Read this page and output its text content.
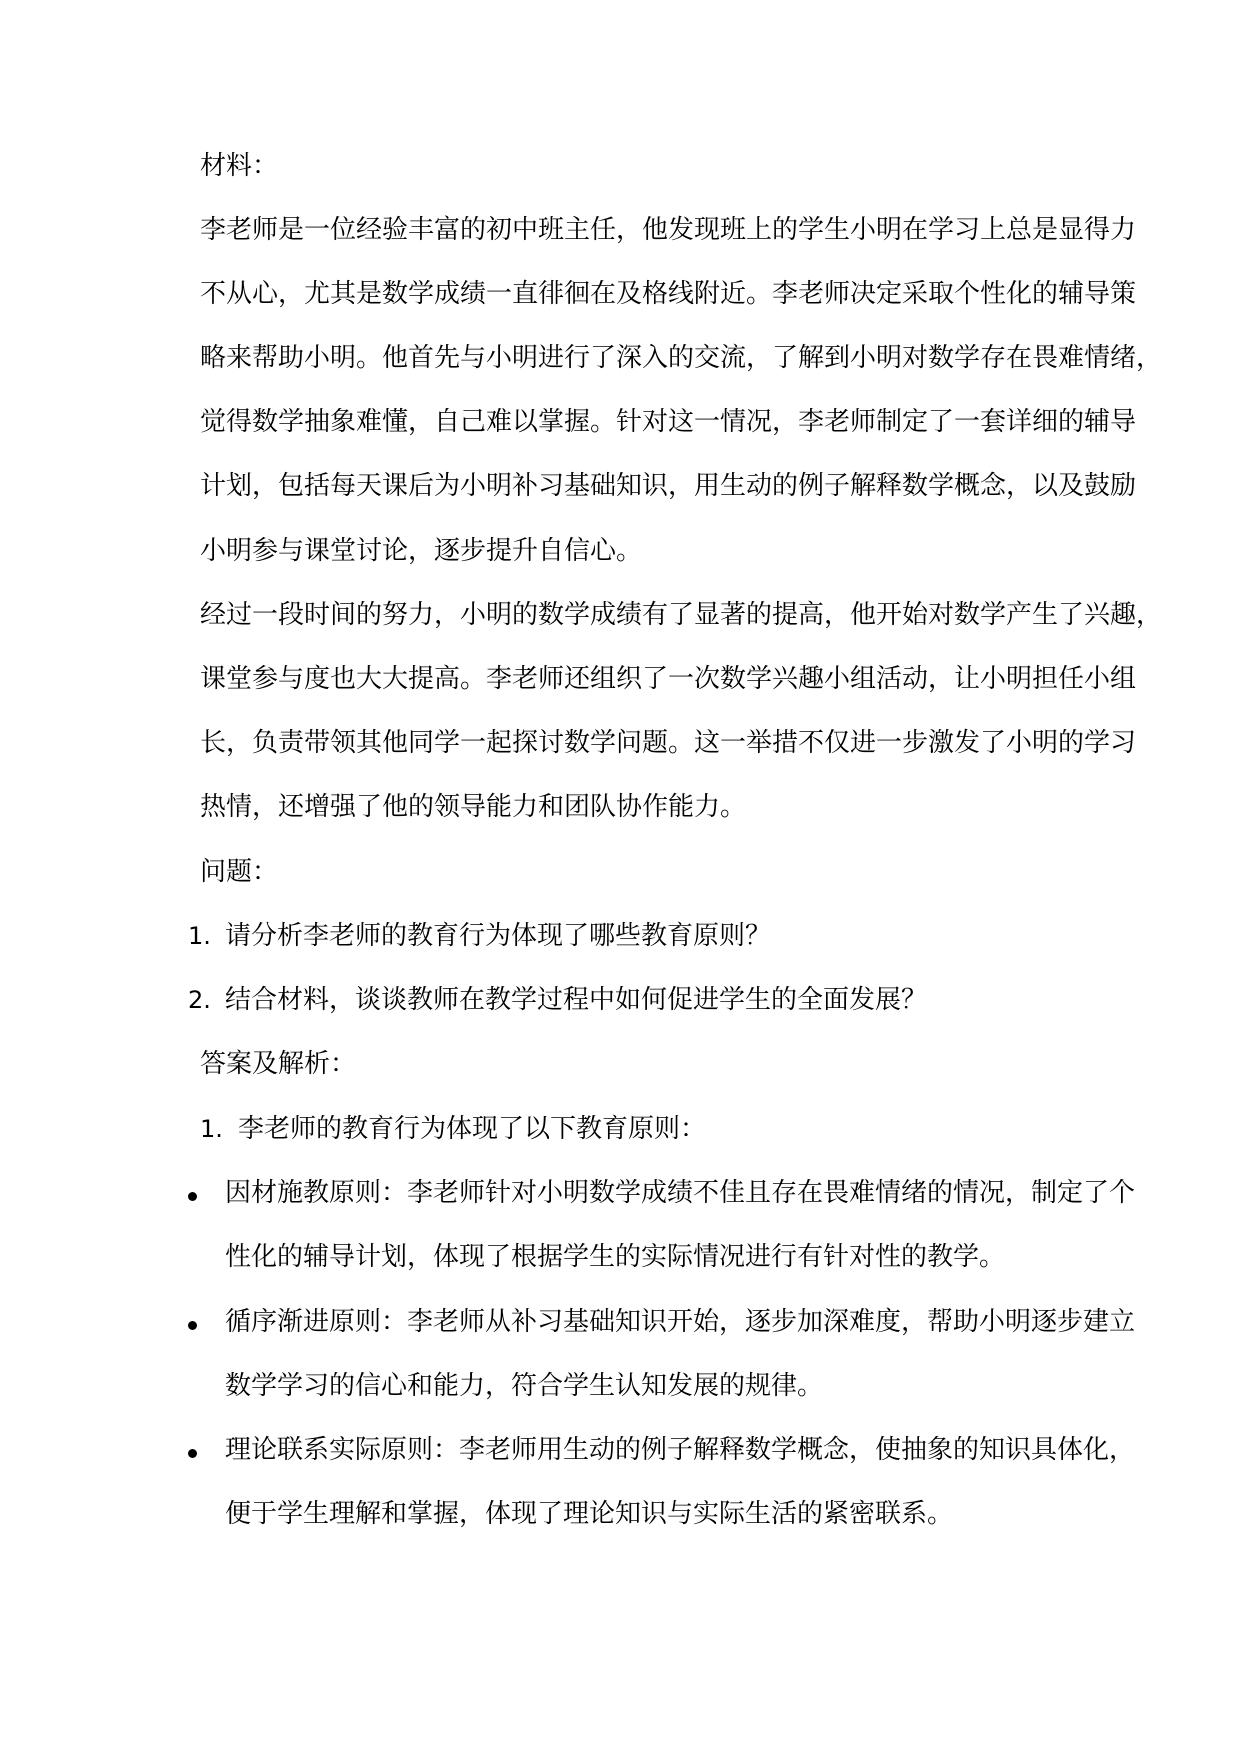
材料：
李老师是一位经验丰富的初中班主任，他发现班上的学生小明在学习上总是显得力
不从心，尤其是数学成绩一直徘徊在及格线附近。李老师决定采取个性化的辅导策
略来帮助小明。他首先与小明进行了深入的交流，了解到小明对数学存在畏难情绪，
觉得数学抽象难懂，自己难以掌握。针对这一情况，李老师制定了一套详细的辅导
计划，包括每天课后为小明补习基础知识，用生动的例子解释数学概念，以及鼓励
小明参与课堂讨论，逐步提升自信心。
经过一段时间的努力，小明的数学成绩有了显著的提高，他开始对数学产生了兴趣，
课堂参与度也大大提高。李老师还组织了一次数学兴趣小组活动，让小明担任小组
长，负责带领其他同学一起探讨数学问题。这一举措不仅进一步激发了小明的学习
热情，还增强了他的领导能力和团队协作能力。
问题：
1. 请分析李老师的教育行为体现了哪些教育原则？
2. 结合材料，谈谈教师在教学过程中如何促进学生的全面发展？
答案及解析：
1. 李老师的教育行为体现了以下教育原则：
因材施教原则：李老师针对小明数学成绩不佳且存在畏难情绪的情况，制定了个
性化的辅导计划，体现了根据学生的实际情况进行有针对性的教学。
循序渐进原则：李老师从补习基础知识开始，逐步加深难度，帮助小明逐步建立
数学学习的信心和能力，符合学生认知发展的规律。
理论联系实际原则：李老师用生动的例子解释数学概念，使抽象的知识具体化，
便于学生理解和掌握，体现了理论知识与实际生活的紧密联系。
